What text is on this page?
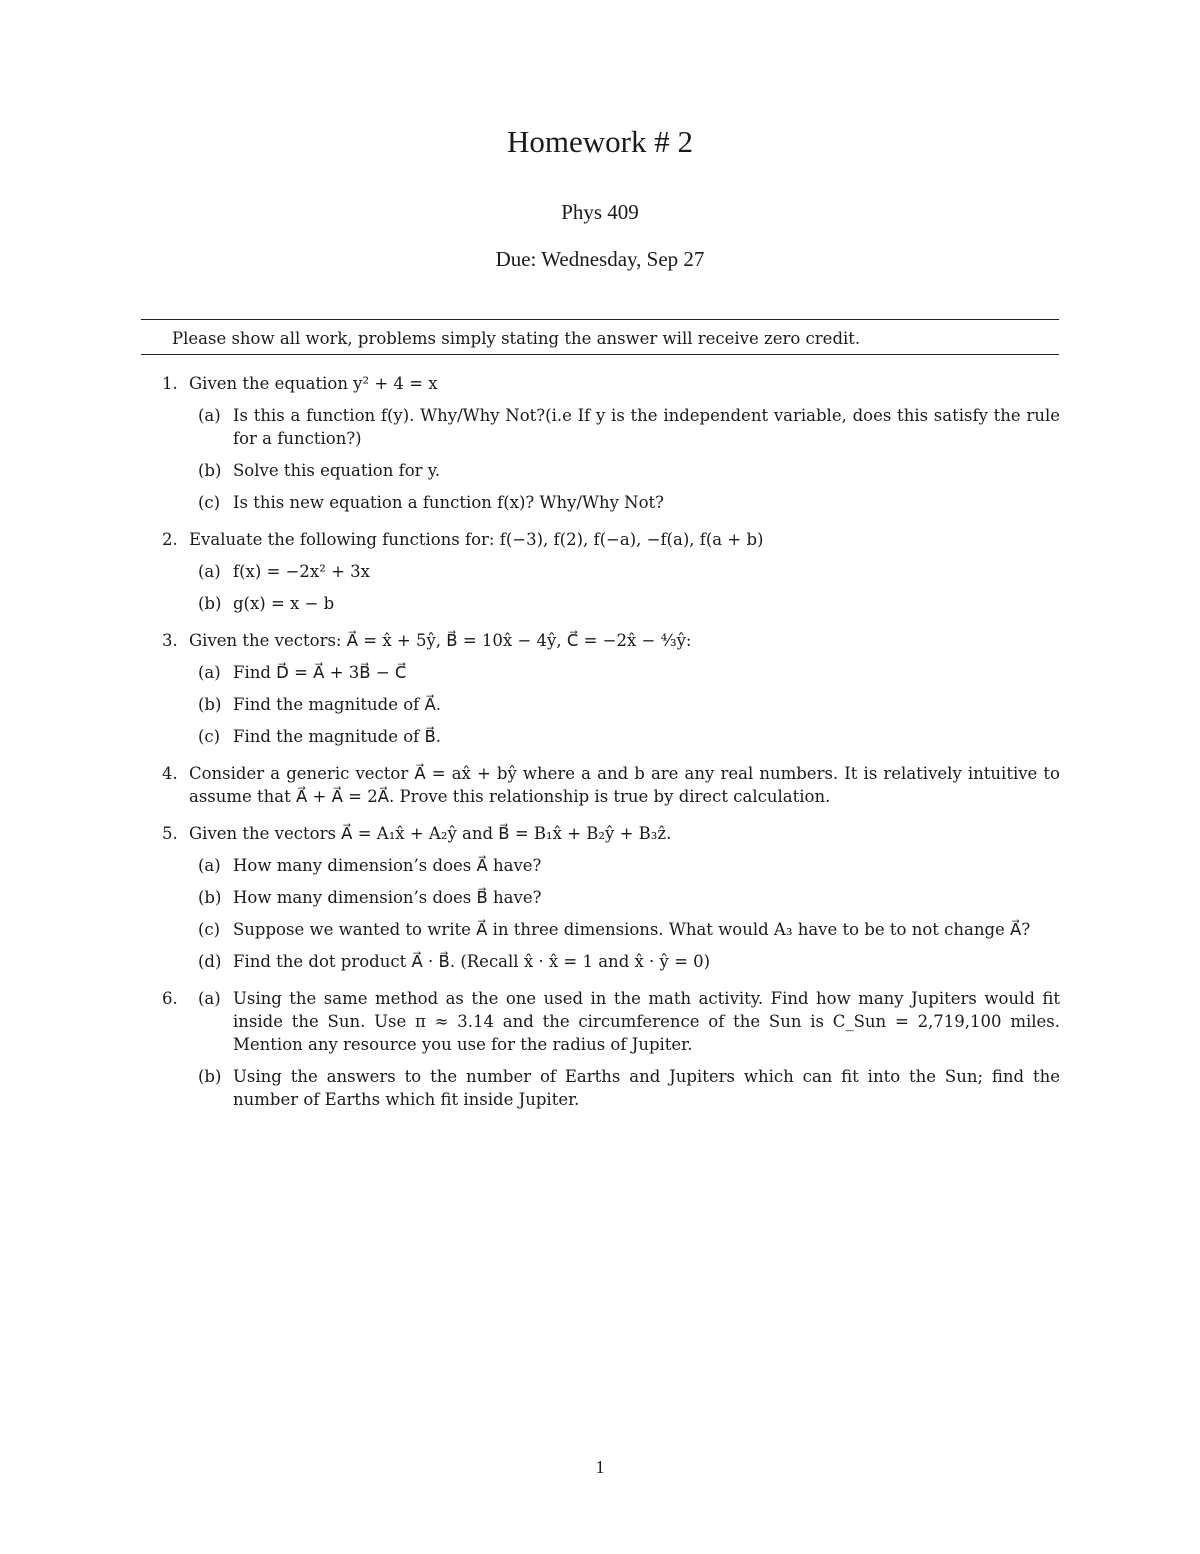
Homework # 2
Phys 409
Due: Wednesday, Sep 27
Please show all work, problems simply stating the answer will receive zero credit.
1. Given the equation y² + 4 = x
(a) Is this a function f(y). Why/Why Not?(i.e If y is the independent variable, does this satisfy the rule for a function?)
(b) Solve this equation for y.
(c) Is this new equation a function f(x)? Why/Why Not?
2. Evaluate the following functions for: f(−3), f(2), f(−a), −f(a), f(a + b)
(a) f(x) = −2x² + 3x
(b) g(x) = x − b
3. Given the vectors: A⃗ = x̂ + 5ŷ, B⃗ = 10x̂ − 4ŷ, C⃗ = −2x̂ − ⁴⁄₃ŷ:
(a) Find D⃗ = A⃗ + 3B⃗ − C⃗
(b) Find the magnitude of A⃗.
(c) Find the magnitude of B⃗.
4. Consider a generic vector A⃗ = ax̂ + bŷ where a and b are any real numbers. It is relatively intuitive to assume that A⃗ + A⃗ = 2A⃗. Prove this relationship is true by direct calculation.
5. Given the vectors A⃗ = A₁x̂ + A₂ŷ and B⃗ = B₁x̂ + B₂ŷ + B₃ẑ.
(a) How many dimension’s does A⃗ have?
(b) How many dimension’s does B⃗ have?
(c) Suppose we wanted to write A⃗ in three dimensions. What would A₃ have to be to not change A⃗?
(d) Find the dot product A⃗ · B⃗. (Recall x̂ · x̂ = 1 and x̂ · ŷ = 0)
6.	(a) Using the same method as the one used in the math activity. Find how many Jupiters would fit inside the Sun. Use π ≈ 3.14 and the circumference of the Sun is C_Sun = 2,719,100 miles. Mention any resource you use for the radius of Jupiter.
(b) Using the answers to the number of Earths and Jupiters which can fit into the Sun; find the number of Earths which fit inside Jupiter.
1
